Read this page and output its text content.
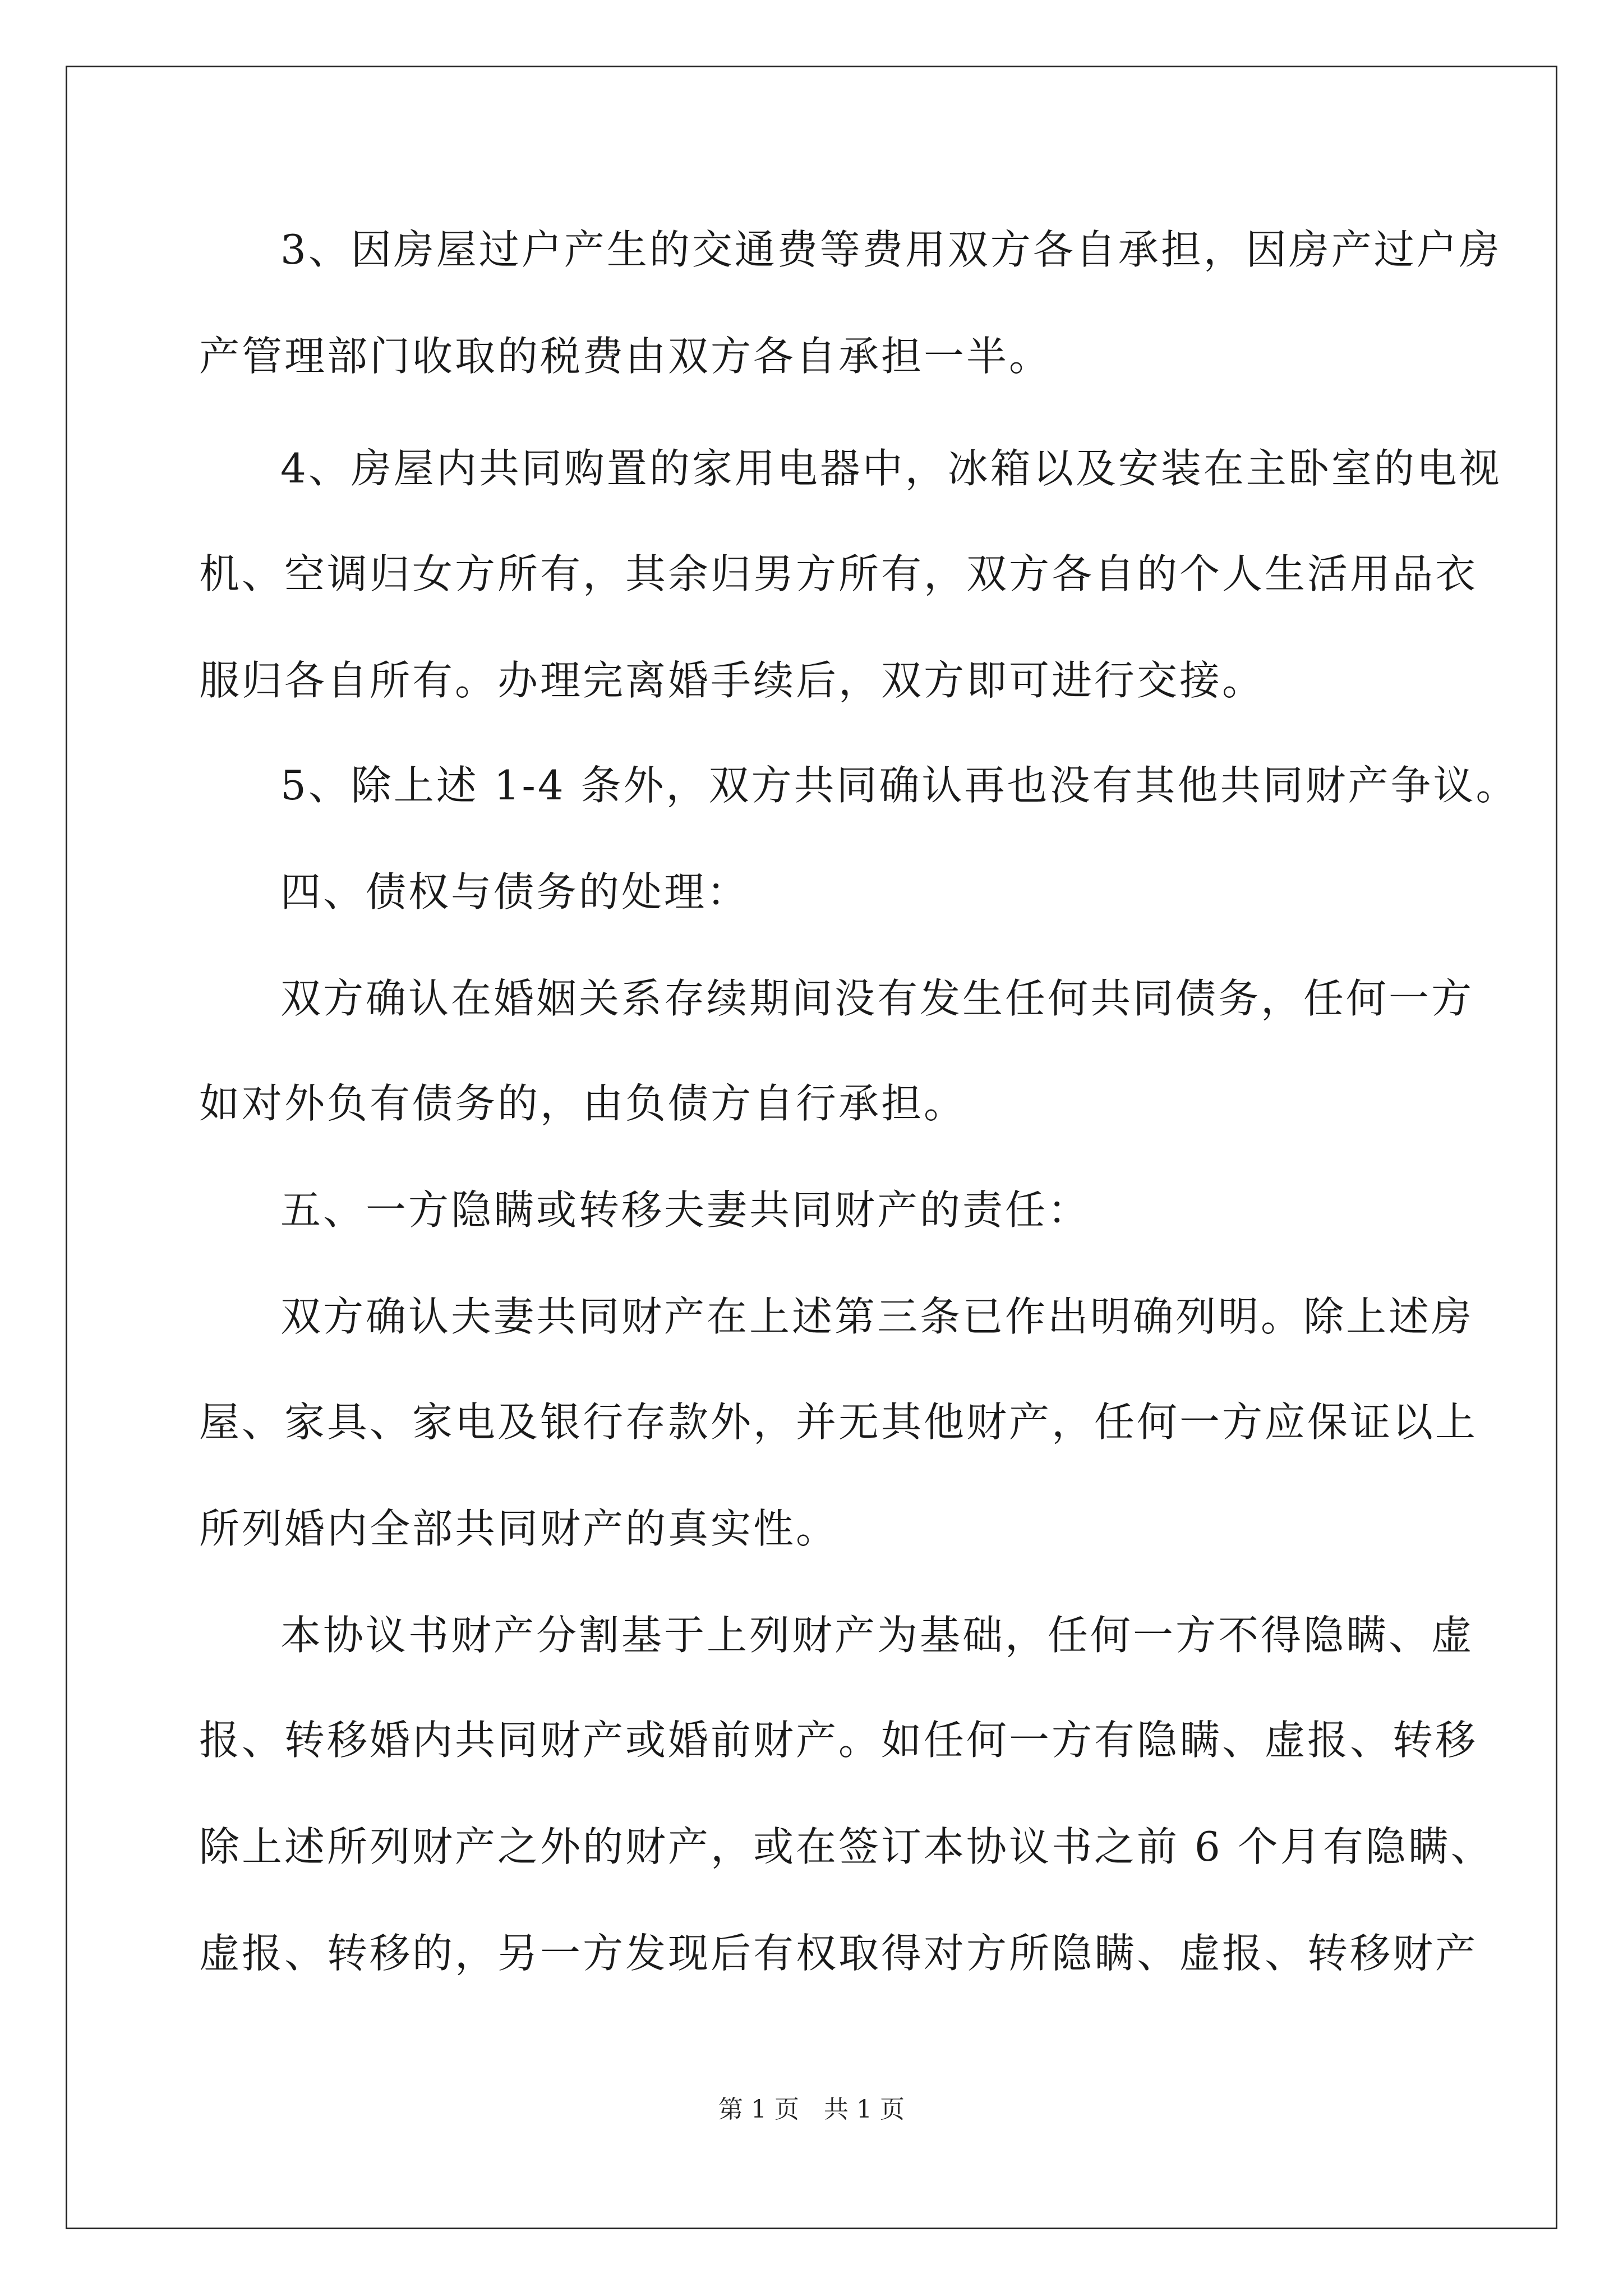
3、因房屋过户产生的交通费等费用双方各自承担，因房产过户房
产管理部门收取的税费由双方各自承担一半。
4、房屋内共同购置的家用电器中，冰箱以及安装在主卧室的电视
机、空调归女方所有，其余归男方所有，双方各自的个人生活用品衣
服归各自所有。办理完离婚手续后，双方即可进行交接。
5、除上述 1-4 条外，双方共同确认再也没有其他共同财产争议。
四、债权与债务的处理：
双方确认在婚姻关系存续期间没有发生任何共同债务，任何一方
如对外负有债务的，由负债方自行承担。
五、一方隐瞒或转移夫妻共同财产的责任：
双方确认夫妻共同财产在上述第三条已作出明确列明。除上述房
屋、家具、家电及银行存款外，并无其他财产，任何一方应保证以上
所列婚内全部共同财产的真实性。
本协议书财产分割基于上列财产为基础，任何一方不得隐瞒、虚
报、转移婚内共同财产或婚前财产。如任何一方有隐瞒、虚报、转移
除上述所列财产之外的财产，或在签订本协议书之前 6 个月有隐瞒、
虚报、转移的，另一方发现后有权取得对方所隐瞒、虚报、转移财产
第 1 页　共 1 页
